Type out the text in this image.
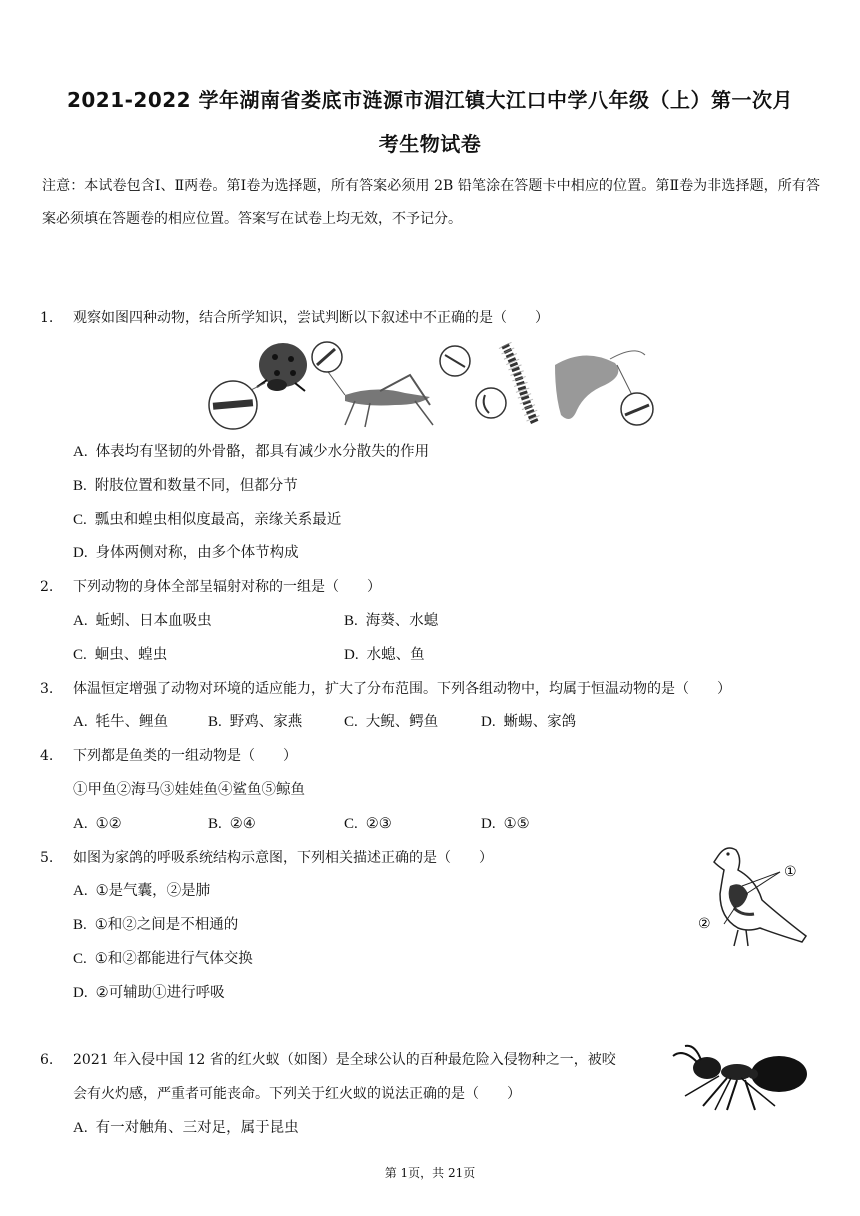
2021-2022 学年湖南省娄底市涟源市湄江镇大江口中学八年级（上）第一次月
考生物试卷
注意：本试卷包含Ⅰ、Ⅱ两卷。第Ⅰ卷为选择题，所有答案必须用 2B 铅笔涂在答题卡中相应的位置。第Ⅱ卷为非选择题，所有答案必须填在答题卷的相应位置。答案写在试卷上均无效，不予记分。
1.	观察如图四种动物，结合所学知识，尝试判断以下叙述中不正确的是（　　）
A. 体表均有坚韧的外骨骼，都具有减少水分散失的作用
B. 附肢位置和数量不同，但都分节
C. 瓢虫和蝗虫相似度最高，亲缘关系最近
D. 身体两侧对称，由多个体节构成
2.	下列动物的身体全部呈辐射对称的一组是（　　）
A. 蚯蚓、日本血吸虫	B. 海葵、水螅
C. 蛔虫、蝗虫	D. 水螅、鱼
3.	体温恒定增强了动物对环境的适应能力，扩大了分布范围。下列各组动物中，均属于恒温动物的是（　　）
A. 牦牛、鲤鱼	B. 野鸡、家燕	C. 大鲵、鳄鱼	D. 蜥蜴、家鸽
4.	下列都是鱼类的一组动物是（　　）
①甲鱼②海马③娃娃鱼④鲨鱼⑤鲸鱼
A. ①②	B. ②④	C. ②③	D. ①⑤
5.	如图为家鸽的呼吸系统结构示意图，下列相关描述正确的是（　　）
①
②
A. ①是气囊，②是肺
B. ①和②之间是不相通的
C. ①和②都能进行气体交换
D. ②可辅助①进行呼吸
6.	2021 年入侵中国 12 省的红火蚁（如图）是全球公认的百种最危险入侵物种之一，被咬
会有火灼感，严重者可能丧命。下列关于红火蚁的说法正确的是（　　）
A. 有一对触角、三对足，属于昆虫
第 1页，共 21页
